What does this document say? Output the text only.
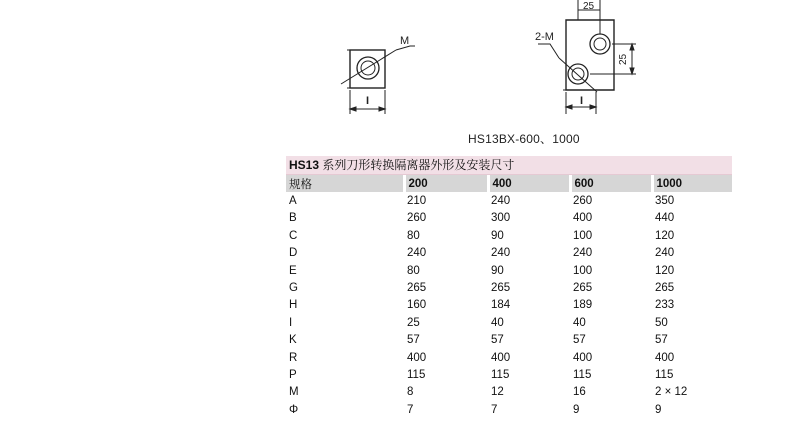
M
I
25
2-M
25
I
HS13BX-600、1000
HS13 系列刀形转换隔离器外形及安装尺寸
规格	200	400	600	1000
A	210	240	260	350
B	260	300	400	440
C	80	90	100	120
D	240	240	240	240
E	80	90	100	120
G	265	265	265	265
H	160	184	189	233
I	25	40	40	50
K	57	57	57	57
R	400	400	400	400
P	115	115	115	115
M	8	12	16	2 × 12
Φ	7	7	9	9
